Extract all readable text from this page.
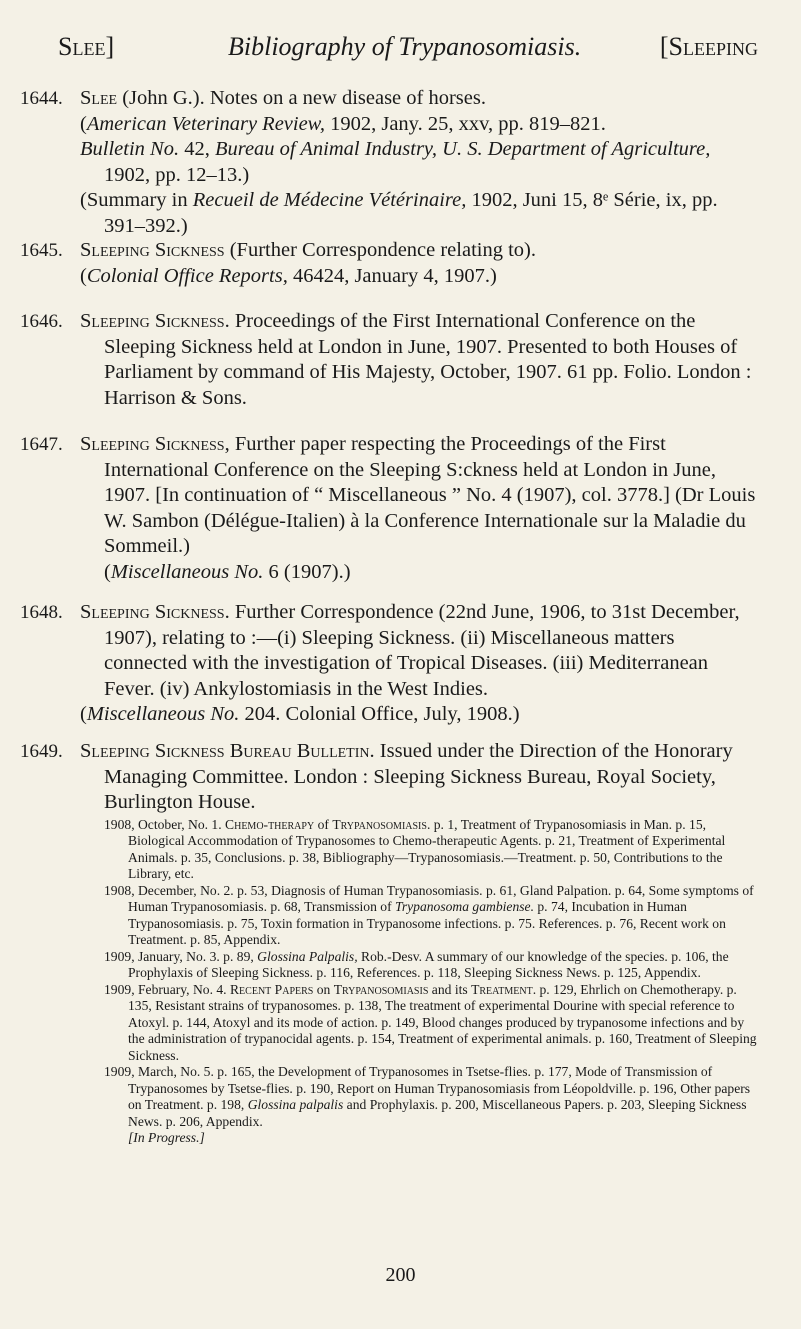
Slee]	Bibliography of Trypanosomiasis.	[Sleeping
1644. Slee (John G.). Notes on a new disease of horses.

(American Veterinary Review, 1902, Jany. 25, xxv, pp. 819–821.

Bulletin No. 42, Bureau of Animal Industry, U. S. Department of Agriculture, 1902, pp. 12–13.)

(Summary in Recueil de Médecine Vétérinaire, 1902, Juni 15, 8ᵉ Série, ix, pp. 391–392.)

1645. Sleeping Sickness (Further Correspondence relating to).

(Colonial Office Reports, 46424, January 4, 1907.)

1646. Sleeping Sickness. Proceedings of the First International Conference on the Sleeping Sickness held at London in June, 1907. Presented to both Houses of Parliament by command of His Majesty, October, 1907. 61 pp. Folio. London : Harrison & Sons.

1647. Sleeping Sickness, Further paper respecting the Proceedings of the First International Conference on the Sleeping S:ckness held at London in June, 1907. [In continuation of “ Miscellaneous ” No. 4 (1907), col. 3778.] (Dr Louis W. Sambon (Délégue-Italien) à la Conference Internationale sur la Maladie du Sommeil.)

(Miscellaneous No. 6 (1907).)

1648. Sleeping Sickness. Further Correspondence (22nd June, 1906, to 31st December, 1907), relating to :—(i) Sleeping Sickness. (ii) Miscellaneous matters connected with the investigation of Tropical Diseases. (iii) Mediterranean Fever. (iv) Ankylostomiasis in the West Indies.

(Miscellaneous No. 204. Colonial Office, July, 1908.)

1649. Sleeping Sickness Bureau Bulletin. Issued under the Direction of the Honorary Managing Committee. London : Sleeping Sickness Bureau, Royal Society, Burlington House.

1908, October, No. 1. Chemo-therapy of Trypanosomiasis. p. 1, Treatment of Trypanosomiasis in Man. p. 15, Biological Accommodation of Trypanosomes to Chemo-therapeutic Agents. p. 21, Treatment of Experimental Animals. p. 35, Conclusions. p. 38, Bibliography—Trypanosomiasis.—Treatment. p. 50, Contributions to the Library, etc.

1908, December, No. 2. p. 53, Diagnosis of Human Trypanosomiasis. p. 61, Gland Palpation. p. 64, Some symptoms of Human Trypanosomiasis. p. 68, Transmission of Trypanosoma gambiense. p. 74, Incubation in Human Trypanosomiasis. p. 75, Toxin formation in Trypanosome infections. p. 75. References. p. 76, Recent work on Treatment. p. 85, Appendix.

1909, January, No. 3. p. 89, Glossina Palpalis, Rob.-Desv. A summary of our knowledge of the species. p. 106, the Prophylaxis of Sleeping Sickness. p. 116, References. p. 118, Sleeping Sickness News. p. 125, Appendix.

1909, February, No. 4. Recent Papers on Trypanosomiasis and its Treatment. p. 129, Ehrlich on Chemotherapy. p. 135, Resistant strains of trypanosomes. p. 138, The treatment of experimental Dourine with special reference to Atoxyl. p. 144, Atoxyl and its mode of action. p. 149, Blood changes produced by trypanosome infections and by the administration of trypanocidal agents. p. 154, Treatment of experimental animals. p. 160, Treatment of Sleeping Sickness.

1909, March, No. 5. p. 165, the Development of Trypanosomes in Tsetse-flies. p. 177, Mode of Transmission of Trypanosomes by Tsetse-flies. p. 190, Report on Human Trypanosomiasis from Léopoldville. p. 196, Other papers on Treatment. p. 198, Glossina palpalis and Prophylaxis. p. 200, Miscellaneous Papers. p. 203, Sleeping Sickness News. p. 206, Appendix.

[In Progress.]

200
